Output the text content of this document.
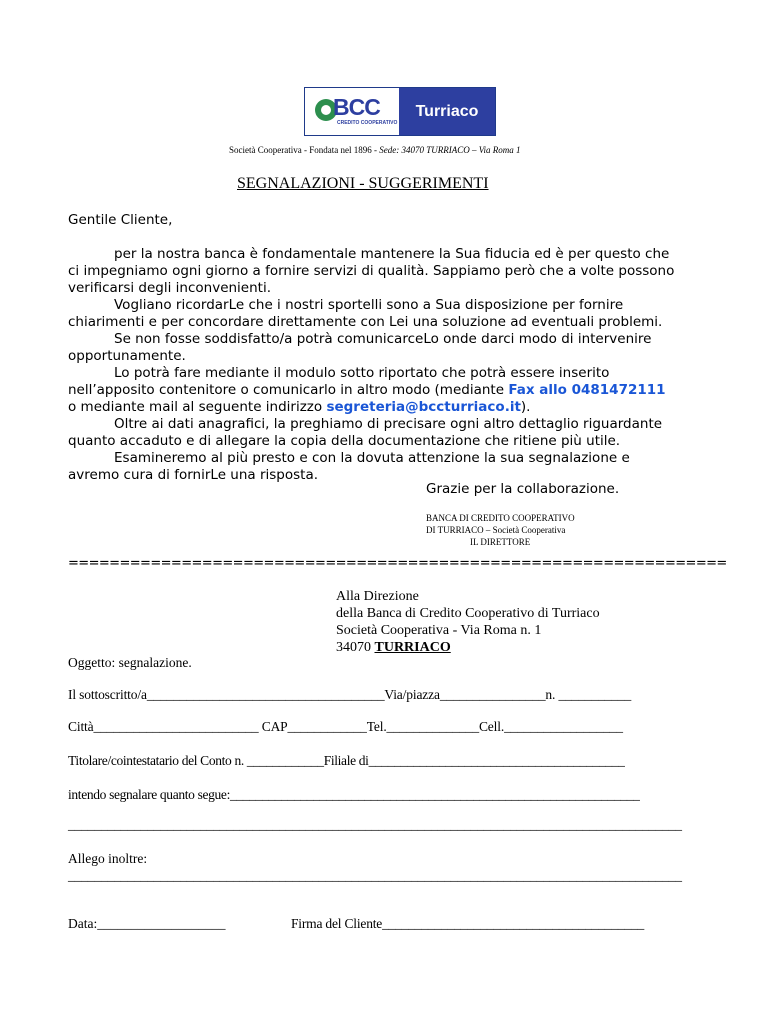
BCC
CREDITO COOPERATIVO
Turriaco
Società Cooperativa - Fondata nel 1896 - Sede: 34070 TURRIACO – Via Roma 1
SEGNALAZIONI - SUGGERIMENTI
Gentile Cliente,
per la nostra banca è fondamentale mantenere la Sua fiducia ed è per questo che
ci impegniamo ogni giorno a fornire servizi di qualità. Sappiamo però che a volte possono
verificarsi degli inconvenienti.
Vogliano ricordarLe che i nostri sportelli sono a Sua disposizione per fornire
chiarimenti e per concordare direttamente con Lei una soluzione ad eventuali problemi.
Se non fosse soddisfatto/a potrà comunicarceLo onde darci modo di intervenire
opportunamente.
Lo potrà fare mediante il modulo sotto riportato che potrà essere inserito
nell’apposito contenitore o comunicarlo in altro modo (mediante Fax allo 0481472111
o mediante mail al seguente indirizzo segreteria@bccturriaco.it).
Oltre ai dati anagrafici, la preghiamo di precisare ogni altro dettaglio riguardante
quanto accaduto e di allegare la copia della documentazione che ritiene più utile.
Esamineremo al più presto e con la dovuta attenzione la sua segnalazione e
avremo cura di fornirLe una risposta.
Grazie per la collaborazione.
BANCA DI CREDITO COOPERATIVO
DI TURRIACO – Società Cooperativa
IL DIRETTORE
================================================================
Alla Direzione
della Banca di Credito Cooperativo di Turriaco
Società Cooperativa - Via Roma n. 1
34070 TURRIACO
Oggetto: segnalazione.
Il sottoscritto/a____________________________________Via/piazza________________n. ___________
Città_________________________ CAP____________Tel.______________Cell.__________________
Titolare/cointestatario del Conto n. ____________Filiale di________________________________________
intendo segnalare quanto segue:________________________________________________________________
_____________________________________________________________________________________________
Allego inoltre:
_____________________________________________________________________________________________
Data:___________________	Firma del Cliente________________________________________
